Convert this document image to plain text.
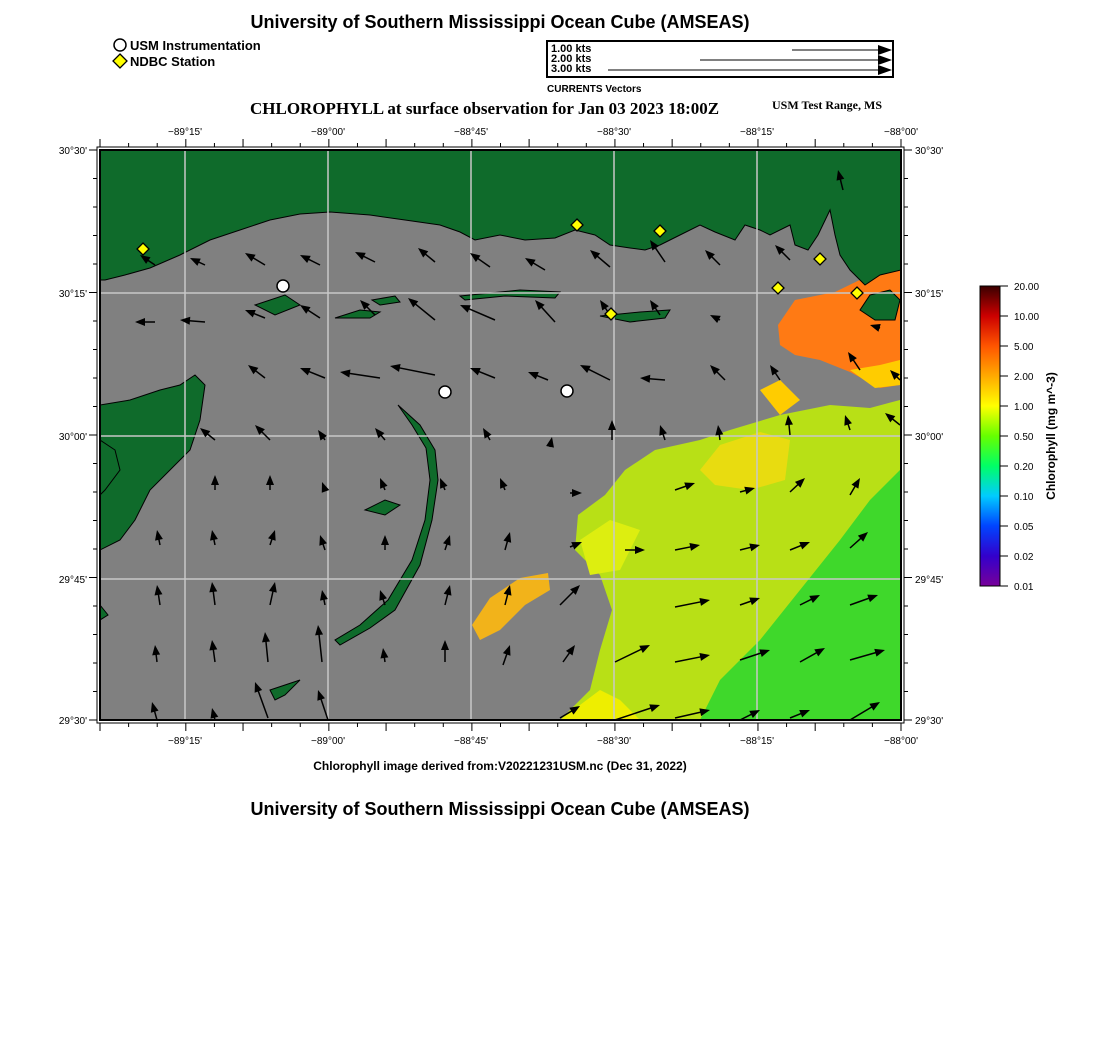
University of Southern Mississippi Ocean Cube (AMSEAS)
USM Instrumentation
NDBC Station
1.00 kts
2.00 kts
3.00 kts
CURRENTS Vectors
CHLOROPHYLL at surface observation for Jan 03 2023 18:00Z	USM Test Range, MS
−89°15'	−89°00'	−88°45'	−88°30'	−88°15'	−88°00'
−89°15'	−89°00'	−88°45'	−88°30'	−88°15'	−88°00'
30°30'
30°15'
30°00'
29°45'
29°30'
30°30'
30°15'
30°00'
29°45'
29°30'
20.00
10.00
5.00
2.00
1.00
0.50
0.20
0.10
0.05
0.02
0.01
Chlorophyll (mg m^-3)
Chlorophyll image derived from:V20221231USM.nc (Dec 31, 2022)
University of Southern Mississippi Ocean Cube (AMSEAS)
